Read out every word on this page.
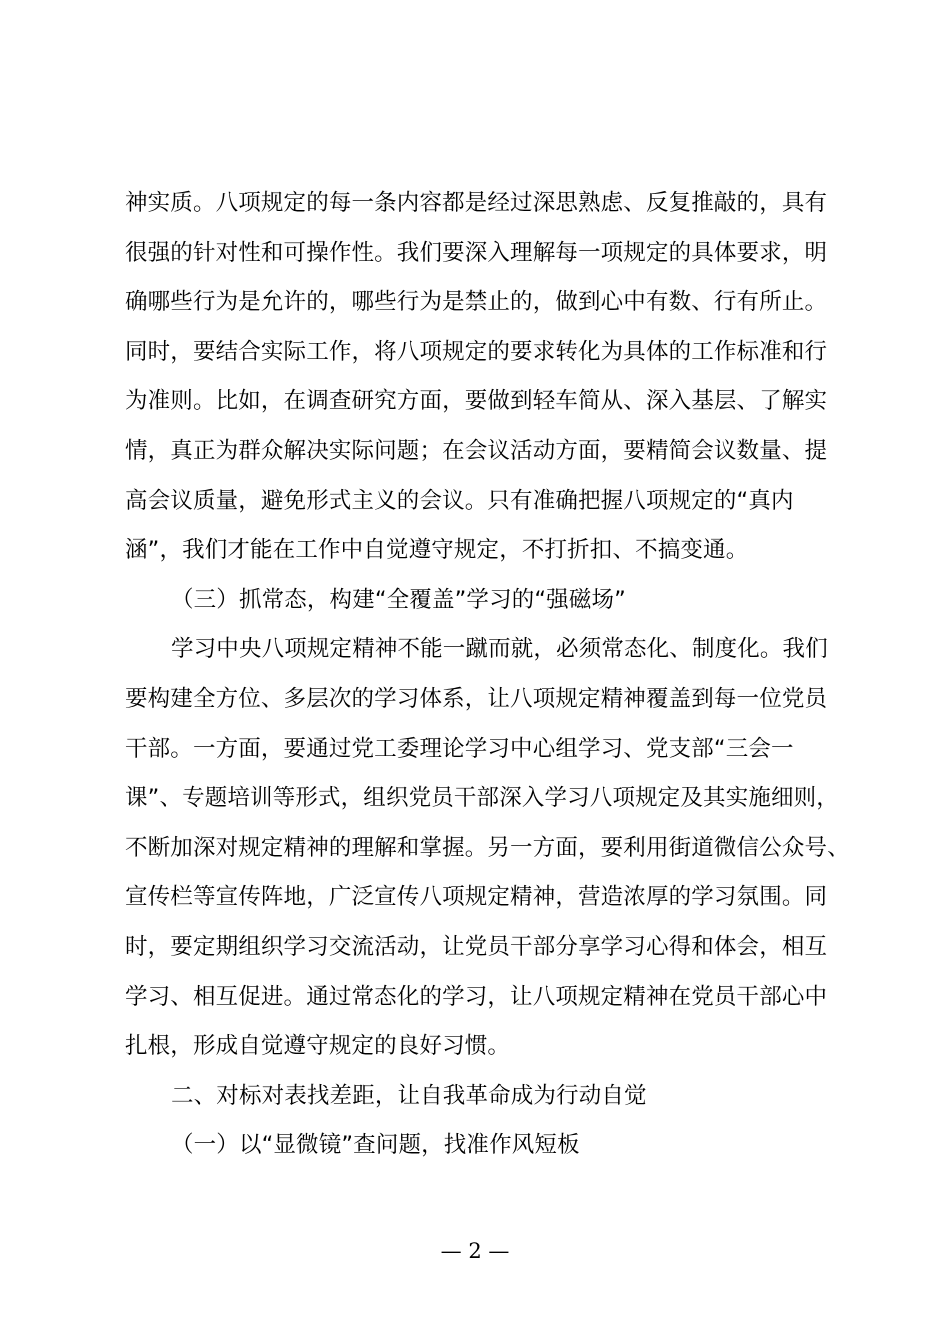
神实质。八项规定的每一条内容都是经过深思熟虑、反复推敲的，具有
很强的针对性和可操作性。我们要深入理解每一项规定的具体要求，明
确哪些行为是允许的，哪些行为是禁止的，做到心中有数、行有所止。
同时，要结合实际工作，将八项规定的要求转化为具体的工作标准和行
为准则。比如，在调查研究方面，要做到轻车简从、深入基层、了解实
情，真正为群众解决实际问题；在会议活动方面，要精简会议数量、提
高会议质量，避免形式主义的会议。只有准确把握八项规定的“真内
涵”，我们才能在工作中自觉遵守规定，不打折扣、不搞变通。
（三）抓常态，构建“全覆盖”学习的“强磁场”
学习中央八项规定精神不能一蹴而就，必须常态化、制度化。我们
要构建全方位、多层次的学习体系，让八项规定精神覆盖到每一位党员
干部。一方面，要通过党工委理论学习中心组学习、党支部“三会一
课”、专题培训等形式，组织党员干部深入学习八项规定及其实施细则，
不断加深对规定精神的理解和掌握。另一方面，要利用街道微信公众号、
宣传栏等宣传阵地，广泛宣传八项规定精神，营造浓厚的学习氛围。同
时，要定期组织学习交流活动，让党员干部分享学习心得和体会，相互
学习、相互促进。通过常态化的学习，让八项规定精神在党员干部心中
扎根，形成自觉遵守规定的良好习惯。
二、对标对表找差距，让自我革命成为行动自觉
（一）以“显微镜”查问题，找准作风短板
— 2 —
